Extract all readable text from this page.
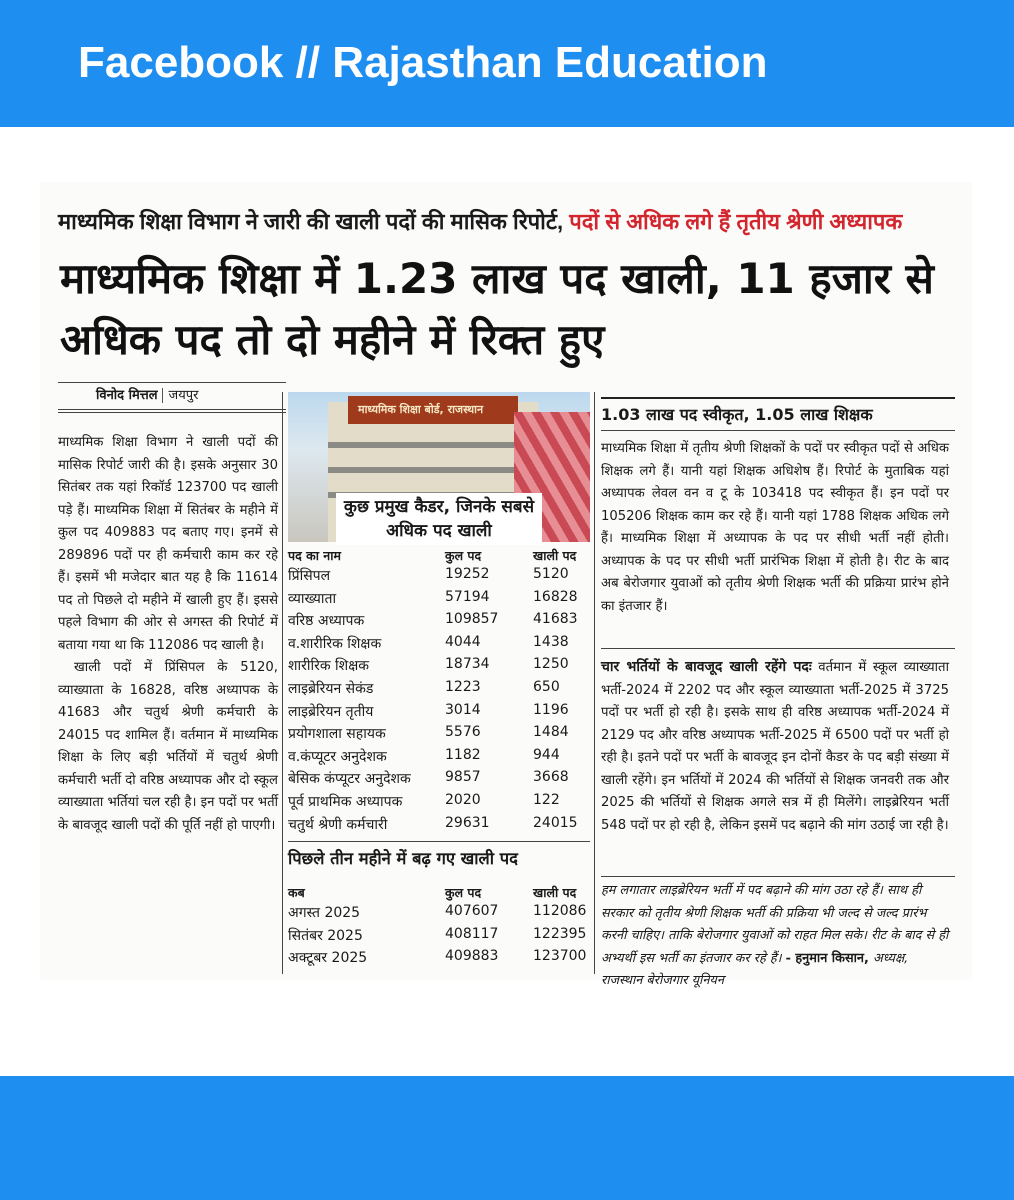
Facebook // Rajasthan Education
माध्यमिक शिक्षा विभाग ने जारी की खाली पदों की मासिक रिपोर्ट, पदों से अधिक लगे हैं तृतीय श्रेणी अध्यापक
माध्यमिक शिक्षा में 1.23 लाख पद खाली, 11 हजार से अधिक पद तो दो महीने में रिक्त हुए
विनोद मित्तल जयपुर

माध्यमिक शिक्षा विभाग ने खाली पदों की मासिक रिपोर्ट जारी की है। इसके अनुसार 30 सितंबर तक यहां रिकॉर्ड 123700 पद खाली पड़े हैं। माध्यमिक शिक्षा में सितंबर के महीने में कुल पद 409883 पद बताए गए। इनमें से 289896 पदों पर ही कर्मचारी काम कर रहे हैं। इसमें भी मजेदार बात यह है कि 11614 पद तो पिछले दो महीने में खाली हुए हैं। इससे पहले विभाग की ओर से अगस्त की रिपोर्ट में बताया गया था कि 112086 पद खाली है।

खाली पदों में प्रिंसिपल के 5120, व्याख्याता के 16828, वरिष्ठ अध्यापक के 41683 और चतुर्थ श्रेणी कर्मचारी के 24015 पद शामिल हैं। वर्तमान में माध्यमिक शिक्षा के लिए बड़ी भर्तियों में चतुर्थ श्रेणी कर्मचारी भर्ती दो वरिष्ठ अध्यापक और दो स्कूल व्याख्याता भर्तियां चल रही है। इन पदों पर भर्ती के बावजूद खाली पदों की पूर्ति नहीं हो पाएगी।

माध्यमिक शिक्षा बोर्ड, राजस्थान
कुछ प्रमुख कैडर, जिनके सबसे अधिक पद खाली
पद का नाम	कुल पद	खाली पद
प्रिंसिपल	19252	5120
व्याख्याता	57194	16828
वरिष्ठ अध्यापक	109857 41683
व.शारीरिक शिक्षक	4044	1438
शारीरिक शिक्षक	18734	1250
लाइब्रेरियन सेकंड	1223	650
लाइब्रेरियन तृतीय	3014	1196
प्रयोगशाला सहायक	5576	1484
व.कंप्यूटर अनुदेशक	1182	944
बेसिक कंप्यूटर अनुदेशक 9857	3668
पूर्व प्राथमिक अध्यापक	2020	122
चतुर्थ श्रेणी कर्मचारी	29631	24015
पिछले तीन महीने में बढ़ गए खाली पद
कब	कुल पद	खाली पद
अगस्त 2025	407607 112086
सितंबर 2025	408117 122395
अक्टूबर 2025	409883 123700
1.03 लाख पद स्वीकृत, 1.05 लाख शिक्षक

माध्यमिक शिक्षा में तृतीय श्रेणी शिक्षकों के पदों पर स्वीकृत पदों से अधिक शिक्षक लगे हैं। यानी यहां शिक्षक अधिशेष हैं। रिपोर्ट के मुताबिक यहां अध्यापक लेवल वन व टू के 103418 पद स्वीकृत हैं। इन पदों पर 105206 शिक्षक काम कर रहे हैं। यानी यहां 1788 शिक्षक अधिक लगे हैं। माध्यमिक शिक्षा में अध्यापक के पद पर सीधी भर्ती नहीं होती। अध्यापक के पद पर सीधी भर्ती प्रारंभिक शिक्षा में होती है। रीट के बाद अब बेरोजगार युवाओं को तृतीय श्रेणी शिक्षक भर्ती की प्रक्रिया प्रारंभ होने का इंतजार हैं।

चार भर्तियों के बावजूद खाली रहेंगे पदः वर्तमान में स्कूल व्याख्याता भर्ती-2024 में 2202 पद और स्कूल व्याख्याता भर्ती-2025 में 3725 पदों पर भर्ती हो रही है। इसके साथ ही वरिष्ठ अध्यापक भर्ती-2024 में 2129 पद और वरिष्ठ अध्यापक भर्ती-2025 में 6500 पदों पर भर्ती हो रही है। इतने पदों पर भर्ती के बावजूद इन दोनों कैडर के पद बड़ी संख्या में खाली रहेंगे। इन भर्तियों में 2024 की भर्तियों से शिक्षक जनवरी तक और 2025 की भर्तियों से शिक्षक अगले सत्र में ही मिलेंगे। लाइब्रेरियन भर्ती 548 पदों पर हो रही है, लेकिन इसमें पद बढ़ाने की मांग उठाई जा रही है।

हम लगातार लाइब्रेरियन भर्ती में पद बढ़ाने की मांग उठा रहे हैं। साथ ही सरकार को तृतीय श्रेणी शिक्षक भर्ती की प्रक्रिया भी जल्द से जल्द प्रारंभ करनी चाहिए। ताकि बेरोजगार युवाओं को राहत मिल सके। रीट के बाद से ही अभ्यर्थी इस भर्ती का इंतजार कर रहे हैं। - हनुमान किसान, अध्यक्ष, राजस्थान बेरोजगार यूनियन
